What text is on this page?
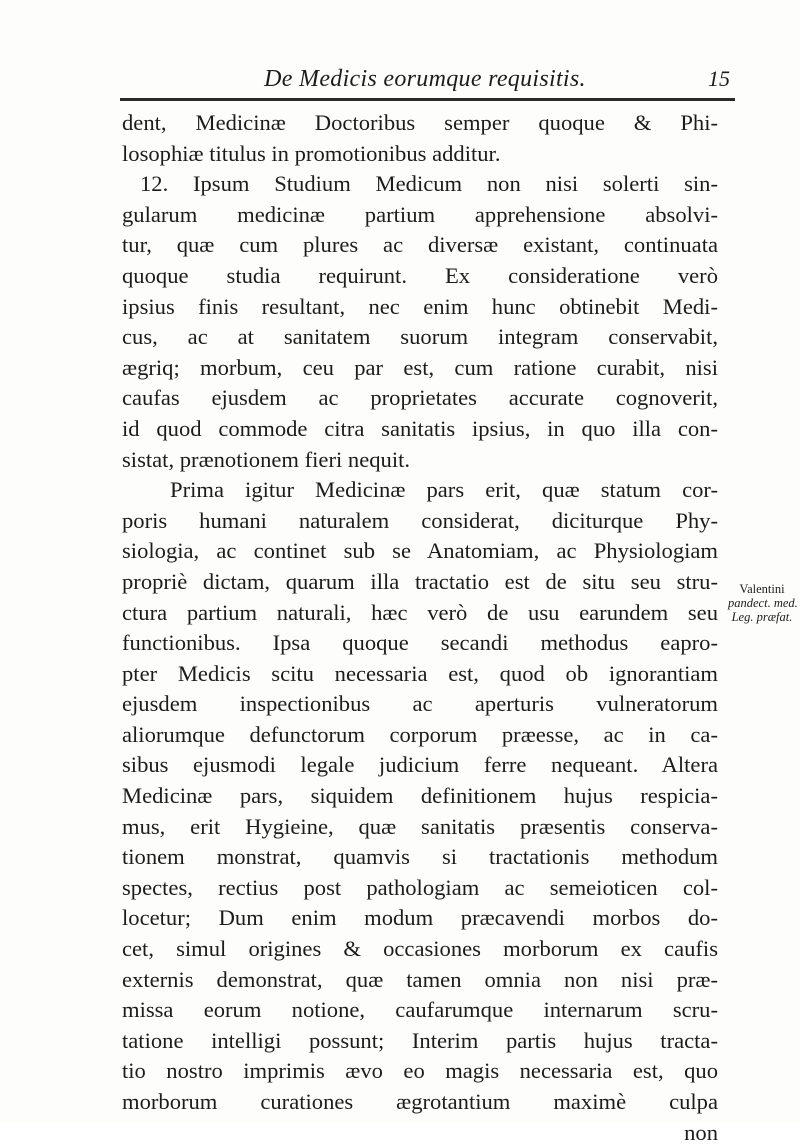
De Medicis eorumque requisitis.	15
dent, Medicinæ Doctoribus semper quoque & Phi-
losophiæ titulus in promotionibus additur.
12. Ipsum Studium Medicum non nisi solerti sin-
gularum medicinæ partium apprehensione absolvi-
tur, quæ cum plures ac diversæ existant, continuata
quoque studia requirunt. Ex consideratione verò
ipsius finis resultant, nec enim hunc obtinebit Medi-
cus, ac at sanitatem suorum integram conservabit,
ægriq; morbum, ceu par est, cum ratione curabit, nisi
caufas ejusdem ac proprietates accurate cognoverit,
id quod commode citra sanitatis ipsius, in quo illa con-
sistat, prænotionem fieri nequit.
Prima igitur Medicinæ pars erit, quæ statum cor-
poris humani naturalem considerat, diciturque Phy-
siologia, ac continet sub se Anatomiam, ac Physiologiam
propriè dictam, quarum illa tractatio est de situ seu stru-
ctura partium naturali, hæc verò de usu earundem seu
functionibus. Ipsa quoque secandi methodus eapro-
pter Medicis scitu necessaria est, quod ob ignorantiam
ejusdem inspectionibus ac aperturis vulneratorum
aliorumque defunctorum corporum præesse, ac in ca-
sibus ejusmodi legale judicium ferre nequeant. Altera
Medicinæ pars, siquidem definitionem hujus respicia-
mus, erit Hygieine, quæ sanitatis præsentis conserva-
tionem monstrat, quamvis si tractationis methodum
spectes, rectius post pathologiam ac semeioticen col-
locetur; Dum enim modum præcavendi morbos do-
cet, simul origines & occasiones morborum ex caufis
externis demonstrat, quæ tamen omnia non nisi præ-
missa eorum notione, caufarumque internarum scru-
tatione intelligi possunt; Interim partis hujus tracta-
tio nostro imprimis ævo eo magis necessaria est, quo
morborum curationes ægrotantium maximè culpa
non
Valentini
pandect. med.
Leg. præfat.
